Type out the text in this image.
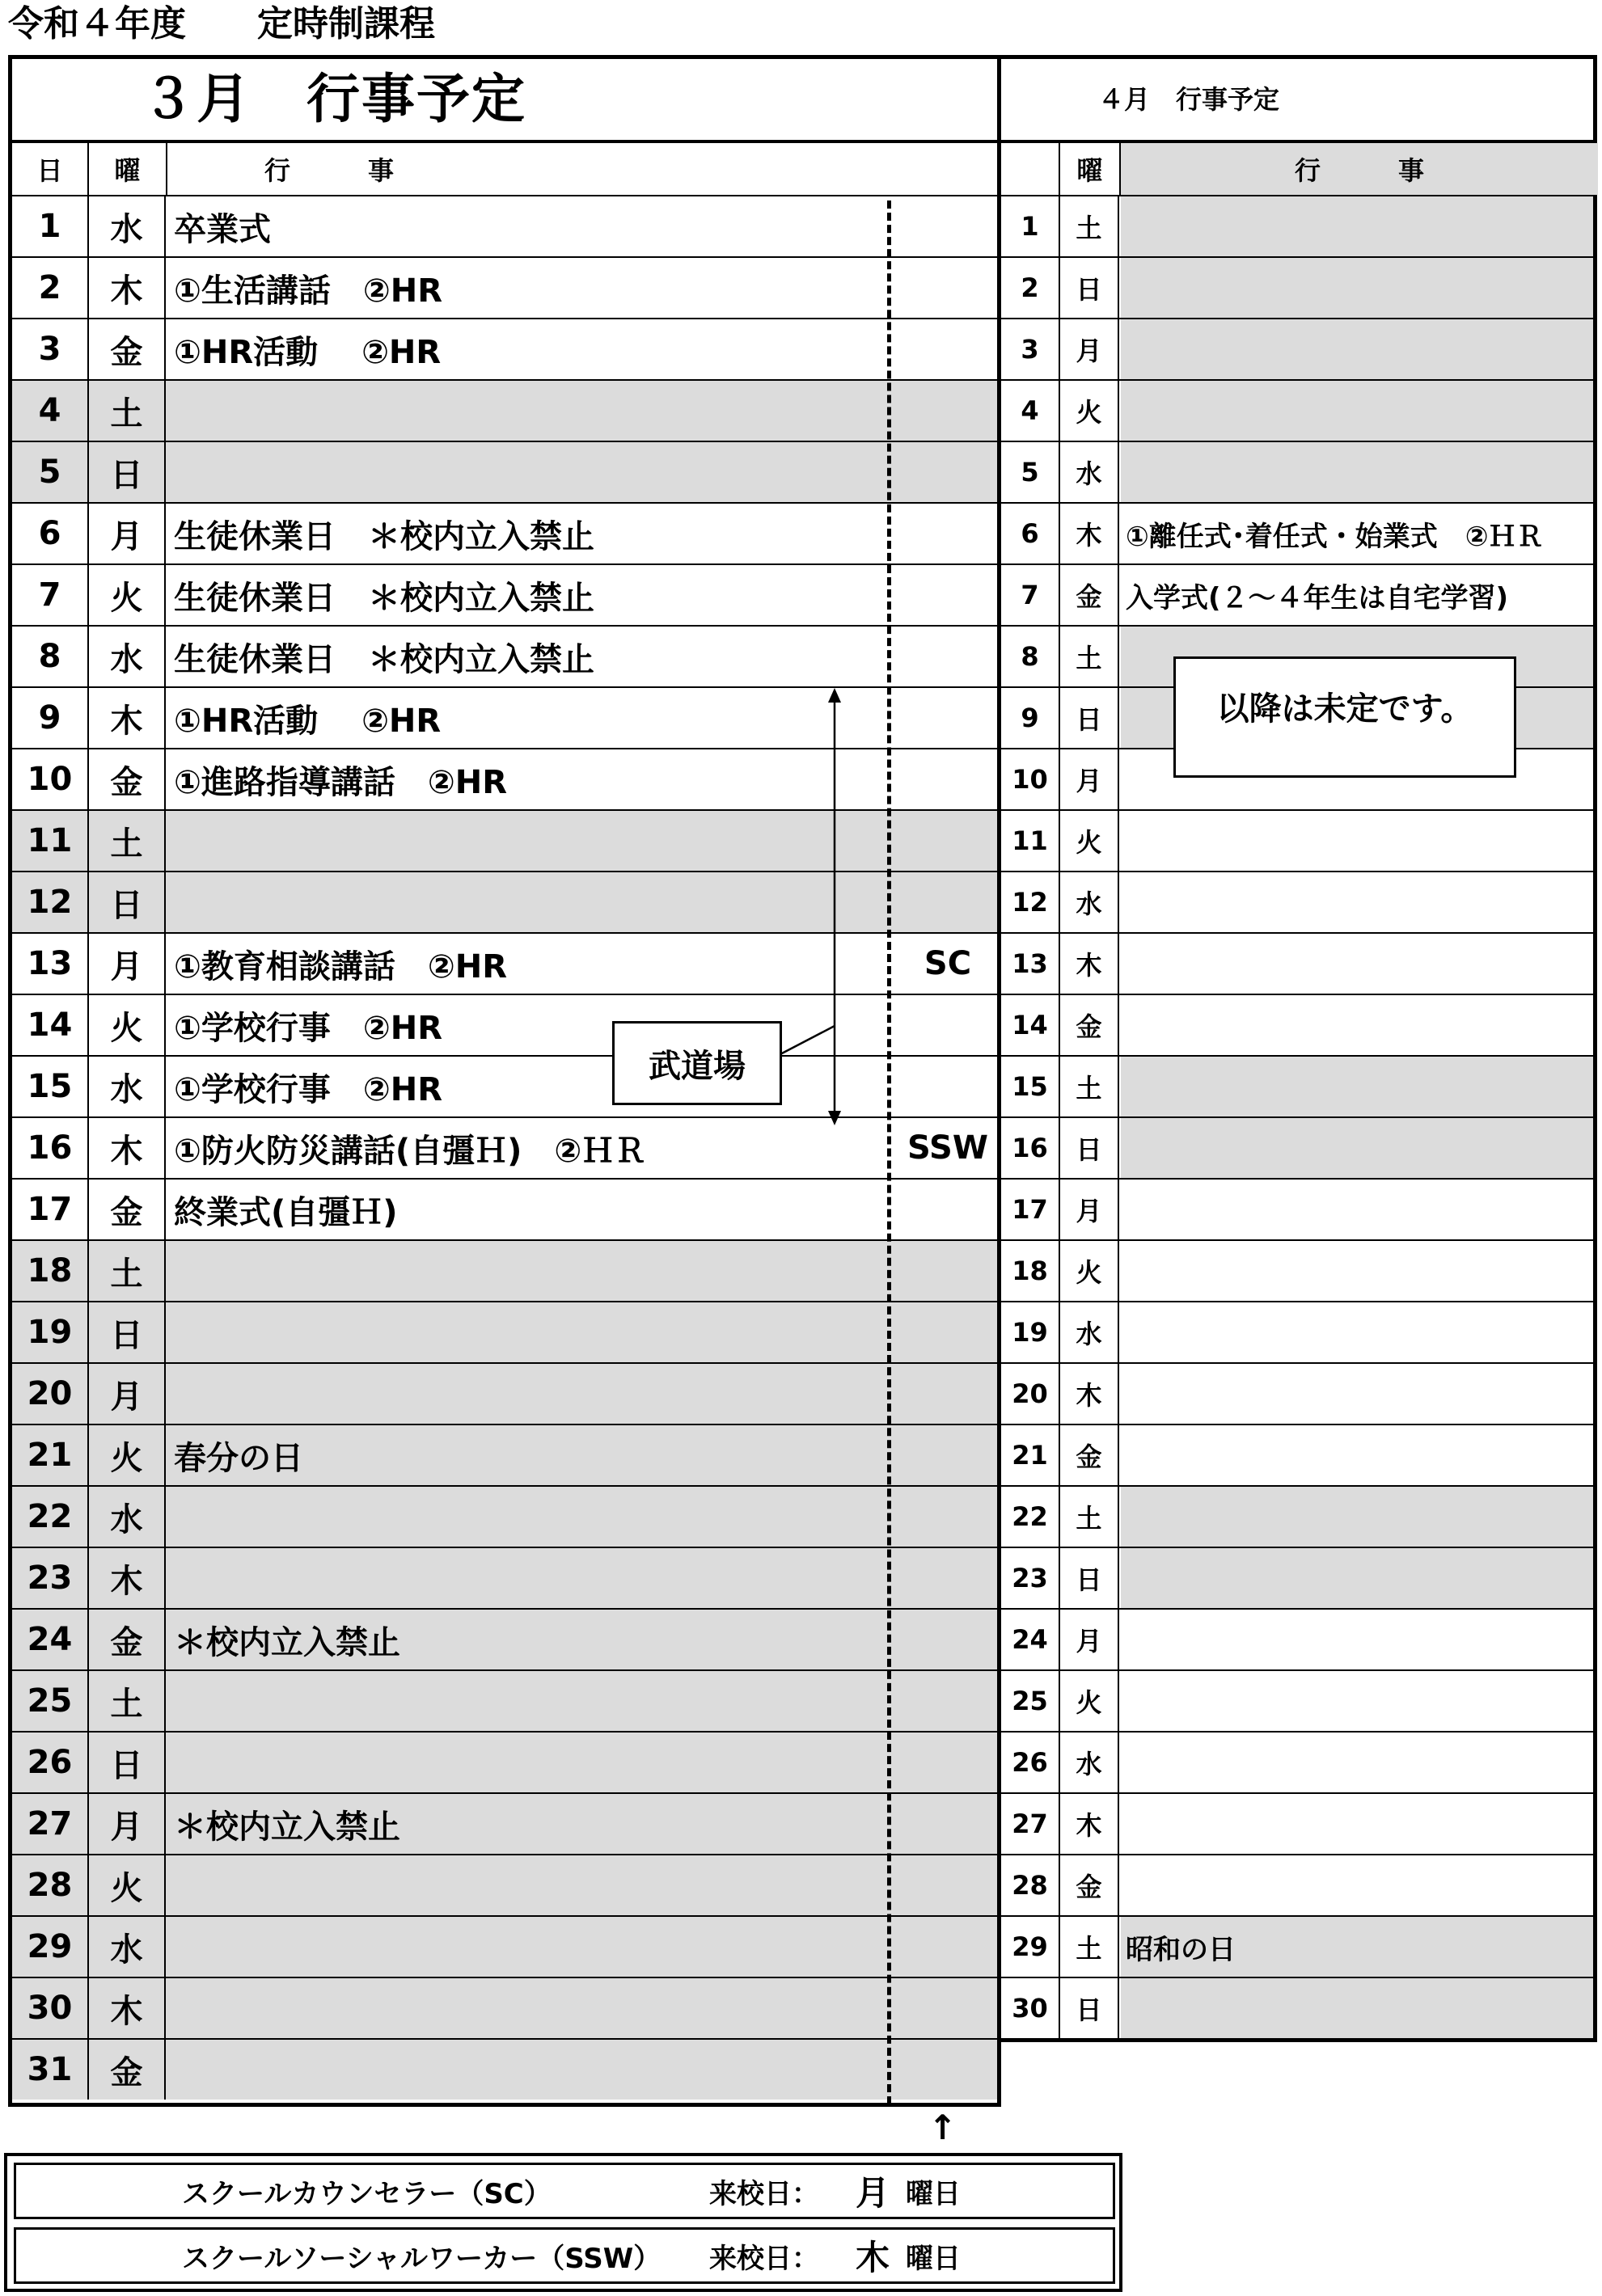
令和４年度　　定時制課程
３月　行事予定
日	曜	行　　　事
1	水 卒業式
2	木 ①生活講話　②HR
3	金 ①HR活動　 ②HR
4	土
5	日
6	月 生徒休業日　＊校内立入禁止
7	火 生徒休業日　＊校内立入禁止
8	水 生徒休業日　＊校内立入禁止
9	木 ①HR活動　 ②HR
10	金 ①進路指導講話　②HR
11	土
12	日
13	月 ①教育相談講話　②HR	SC
14	火 ①学校行事　②HR
15	水 ①学校行事　②HR
16	木 ①防火防災講話(自彊Ｈ)　②ＨＲ	SSW
17	金 終業式(自彊Ｈ)
18	土
19	日
20	月
21	火 春分の日
22	水
23	木
24	金 ＊校内立入禁止
25	土
26	日
27	月 ＊校内立入禁止
28	火
29	水
30	木
31	金
武道場
４月　行事予定
曜	行　　　事
1	土
2	日
3	月
4	火
5	水
6	木 ①離任式･着任式・始業式　②ＨＲ
7	金 入学式(２～４年生は自宅学習)
8	土
9	日
10	月
11	火
12	水
13	木
14	金
15	土
16	日
17	月
18	火
19	水
20	木
21	金
22	土
23	日
24	月
25	火
26	水
27	木
28	金
29	土 昭和の日
30	日
以降は未定です。
↑
スクールカウンセラー（SC）	来校日： 月 曜日
スクールソーシャルワーカー（SSW） 来校日： 木 曜日
